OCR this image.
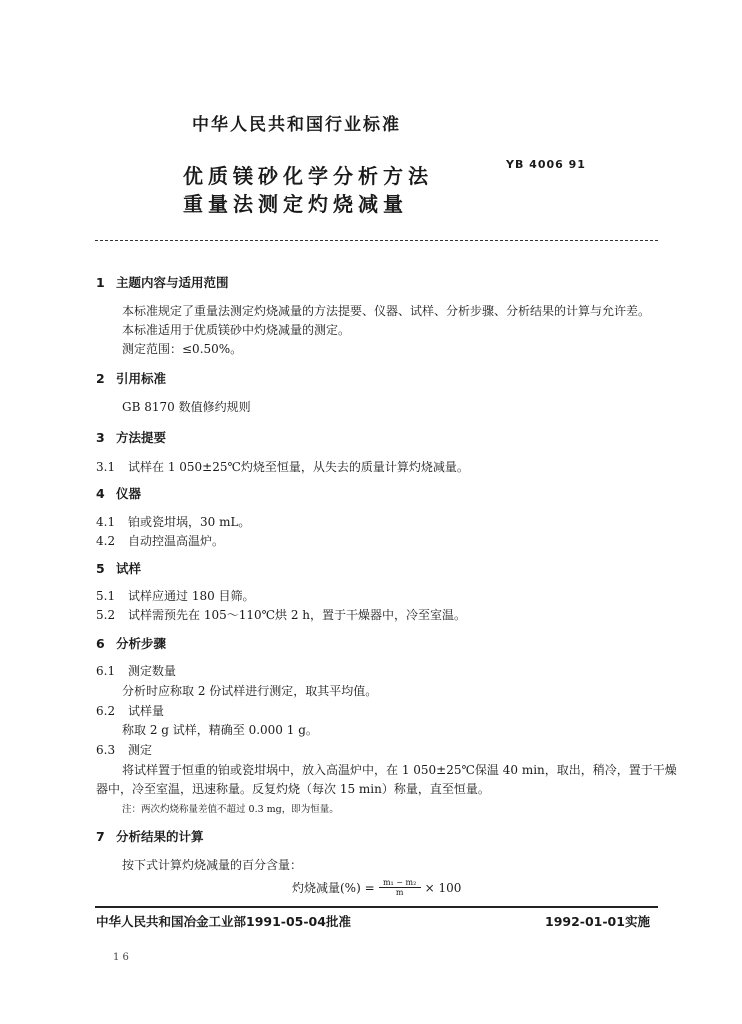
中华人民共和国行业标准
优质镁砂化学分析方法
重量法测定灼烧减量
YB 4006 91
1 主题内容与适用范围
本标准规定了重量法测定灼烧减量的方法提要、仪器、试样、分析步骤、分析结果的计算与允许差。
本标准适用于优质镁砂中灼烧减量的测定。
测定范围：≤0.50%。
2 引用标准
GB 8170 数值修约规则
3 方法提要
3.1 试样在 1 050±25℃灼烧至恒量，从失去的质量计算灼烧减量。
4 仪器
4.1 铂或瓷坩埚，30 mL。
4.2 自动控温高温炉。
5 试样
5.1 试样应通过 180 目筛。
5.2 试样需预先在 105～110℃烘 2 h，置于干燥器中，冷至室温。
6 分析步骤
6.1 测定数量
分析时应称取 2 份试样进行测定，取其平均值。
6.2 试样量
称取 2 g 试样，精确至 0.000 1 g。
6.3 测定
将试样置于恒重的铂或瓷坩埚中，放入高温炉中，在 1 050±25℃保温 40 min，取出，稍冷，置于干燥
器中，冷至室温，迅速称量。反复灼烧（每次 15 min）称量，直至恒量。
注：两次灼烧称量差值不超过 0.3 mg，即为恒量。
7 分析结果的计算
按下式计算灼烧减量的百分含量：
灼烧减量(%) = $\frac{\text{m₁ − m₂}}{m} \times 100$
中华人民共和国冶金工业部1991-05-04批准	1992-01-01实施
1 6
